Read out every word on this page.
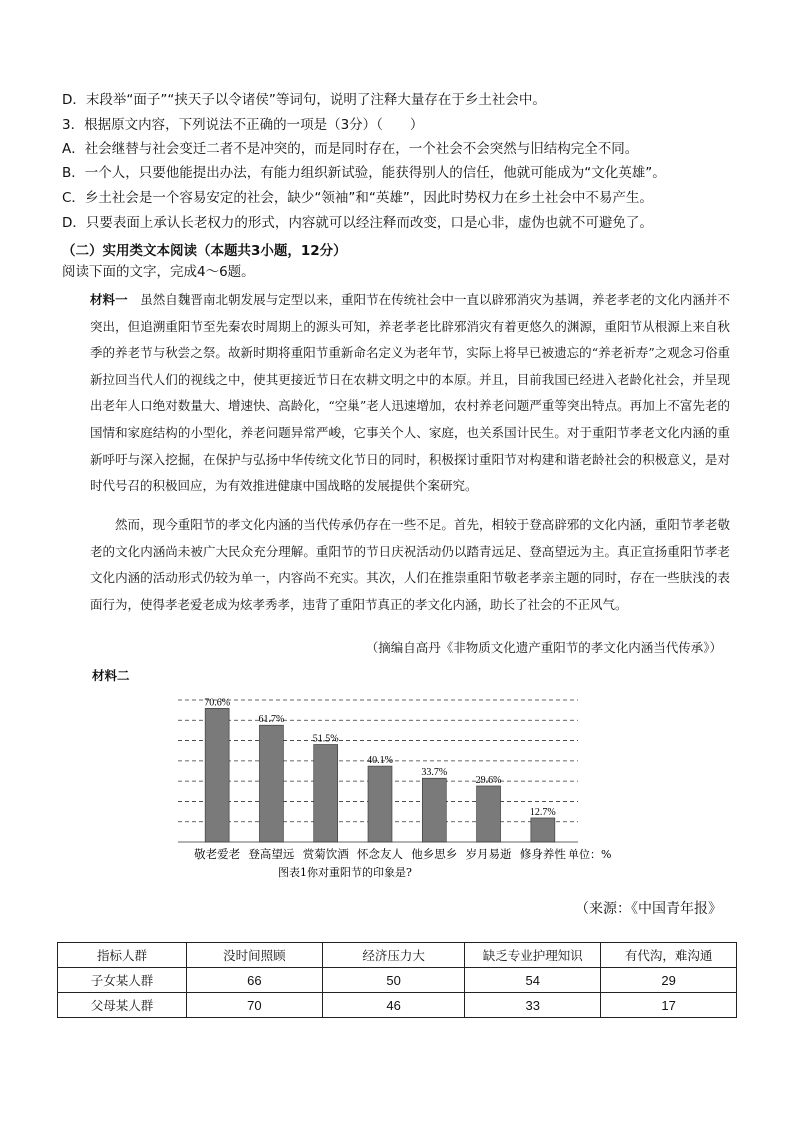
D．末段举“面子”“挟天子以令诸侯”等词句，说明了注释大量存在于乡土社会中。
3．根据原文内容，下列说法不正确的一项是（3分）（　　）
A．社会继替与社会变迁二者不是冲突的，而是同时存在，一个社会不会突然与旧结构完全不同。
B．一个人，只要他能提出办法，有能力组织新试验，能获得别人的信任，他就可能成为“文化英雄”。
C．乡土社会是一个容易安定的社会，缺少“领袖”和“英雄”，因此时势权力在乡土社会中不易产生。
D．只要表面上承认长老权力的形式，内容就可以经注释而改变，口是心非，虚伪也就不可避免了。
（二）实用类文本阅读（本题共3小题，12分）
阅读下面的文字，完成4～6题。
材料一　虽然自魏晋南北朝发展与定型以来，重阳节在传统社会中一直以辟邪消灾为基调，养老孝老的文化内涵并不突出，但追溯重阳节至先秦农时周期上的源头可知，养老孝老比辟邪消灾有着更悠久的渊源，重阳节从根源上来自秋季的养老节与秋尝之祭。故新时期将重阳节重新命名定义为老年节，实际上将早已被遗忘的“养老祈寿”之观念习俗重新拉回当代人们的视线之中，使其更接近节日在农耕文明之中的本原。并且，目前我国已经进入老龄化社会，并呈现出老年人口绝对数量大、增速快、高龄化，“空巢”老人迅速增加，农村养老问题严重等突出特点。再加上不富先老的国情和家庭结构的小型化，养老问题异常严峻，它事关个人、家庭，也关系国计民生。对于重阳节孝老文化内涵的重新呼吁与深入挖掘，在保护与弘扬中华传统文化节日的同时，积极探讨重阳节对构建和谐老龄社会的积极意义，是对时代号召的积极回应，为有效推进健康中国战略的发展提供个案研究。
然而，现今重阳节的孝文化内涵的当代传承仍存在一些不足。首先，相较于登高辟邪的文化内涵，重阳节孝老敬老的文化内涵尚未被广大民众充分理解。重阳节的节日庆祝活动仍以踏青远足、登高望远为主。真正宣扬重阳节孝老文化内涵的活动形式仍较为单一，内容尚不充实。其次，人们在推崇重阳节敬老孝亲主题的同时，存在一些肤浅的表面行为，使得孝老爱老成为炫孝秀孝，违背了重阳节真正的孝文化内涵，助长了社会的不正风气。
（摘编自高丹《非物质文化遗产重阳节的孝文化内涵当代传承》）
材料二
70.6%
61.7%
51.5%
40.1%
33.7%
29.6%
12.7%
敬老爱老 登高望远 赏菊饮酒 怀念友人 他乡思乡 岁月易逝 修身养性 单位：%
图表1你对重阳节的印象是?
（来源：《中国青年报》
指标人群	没时间照顾	经济压力大	缺乏专业护理知识	有代沟，难沟通
子女某人群	66	50	54	29
父母某人群	70	46	33	17
